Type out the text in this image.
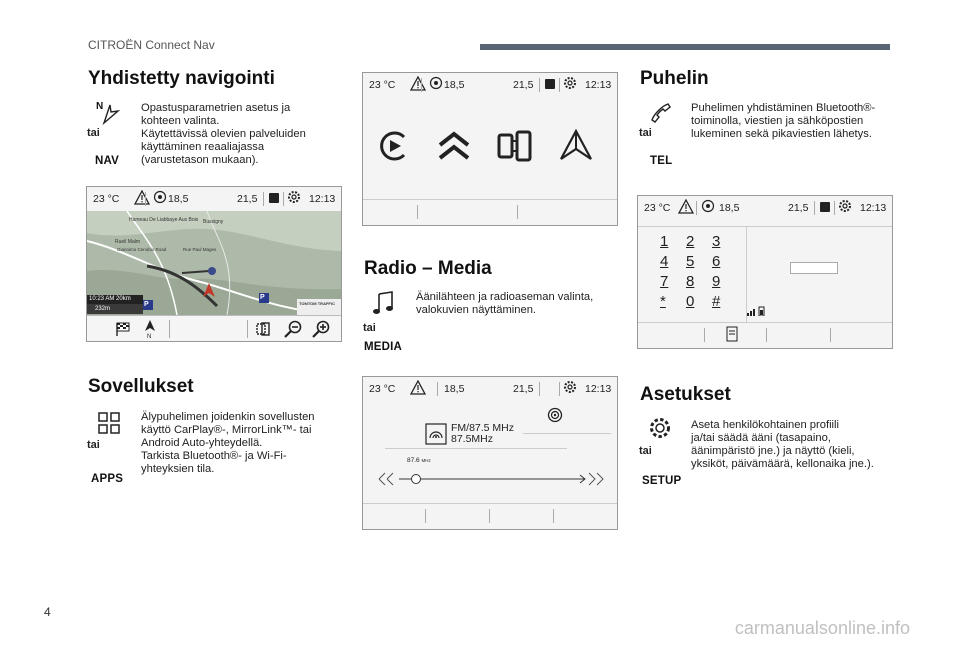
CITROËN Connect Nav
Yhdistetty navigointi
N
tai
NAV
Opastusparametrien asetus ja
kohteen valinta.
Käytettävissä olevien palveluiden
käyttäminen reaaliajassa
(varustetason mukaan).
23 °C	18,5	21,5	12:13
Hameau De Liabbaye Aux Bois Bussigny
Rueil Malm
Giannimo Cenobio Road	Rue Paul Mages
10:23 AM 20km
232m
TOMTOM TRAFFIC
P
P
N
Sovellukset
tai
APPS
Älypuhelimen joidenkin sovellusten
käyttö CarPlay®-, MirrorLink™- tai
Android Auto-yhteydellä.
Tarkista Bluetooth®- ja Wi-Fi-
yhteyksien tila.
23 °C	18,5	21,5	12:13
Radio – Media
tai
MEDIA
Äänilähteen ja radioaseman valinta,
valokuvien näyttäminen.
23 °C	18,5	21,5	12:13
FM/87.5 MHz
87.5MHz
87.6 MHz
Puhelin
tai
TEL
Puhelimen yhdistäminen Bluetooth®-
toiminolla, viestien ja sähköpostien
lukeminen sekä pikaviestien lähetys.
23 °C	18,5	21,5	12:13
1	2	3
4	5	6
7	8	9
*	0	#
Asetukset
tai
SETUP
Aseta henkilökohtainen profiili
ja/tai säädä ääni (tasapaino,
äänimpäristö jne.) ja näyttö (kieli,
yksiköt, päivämäärä, kellonaika jne.).
4
carmanualsonline.info
